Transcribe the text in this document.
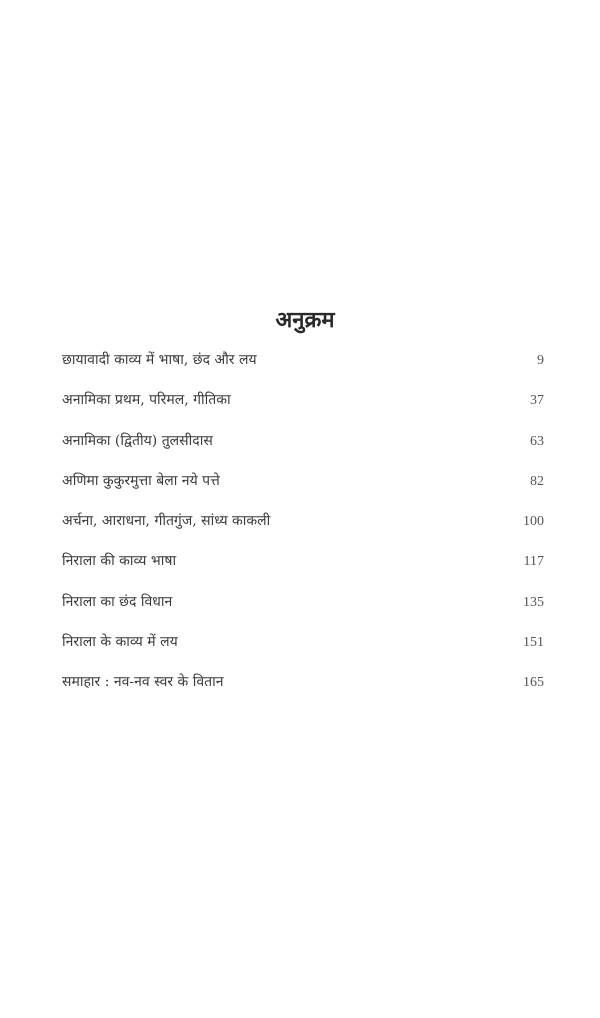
अनुक्रम
छायावादी काव्य में भाषा, छंद और लय	9
अनामिका प्रथम, परिमल, गीतिका	37
अनामिका (द्वितीय) तुलसीदास	63
अणिमा कुकुरमुत्ता बेला नये पत्ते	82
अर्चना, आराधना, गीतगुंज, सांध्य काकली	100
निराला की काव्य भाषा	117
निराला का छंद विधान	135
निराला के काव्य में लय	151
समाहार : नव-नव स्वर के वितान	165
